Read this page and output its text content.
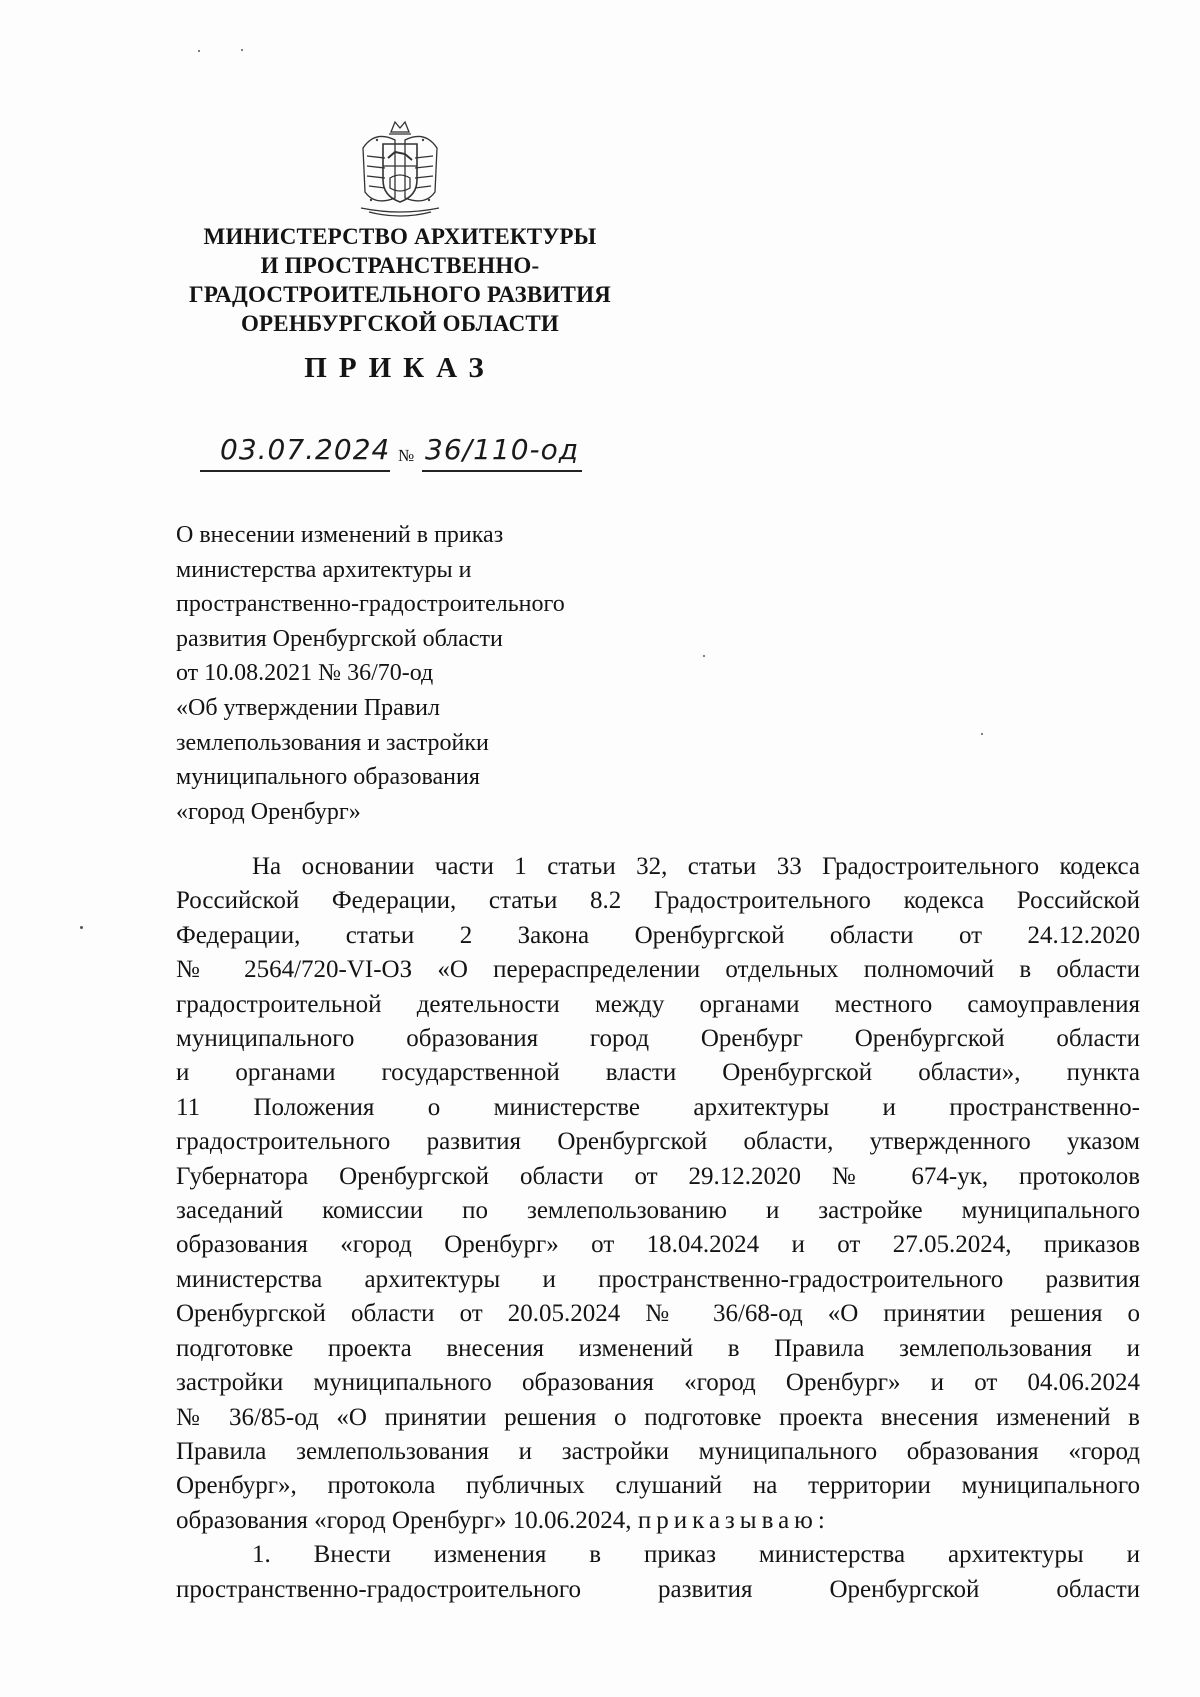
МИНИСТЕРСТВО АРХИТЕКТУРЫ
И ПРОСТРАНСТВЕННО-
ГРАДОСТРОИТЕЛЬНОГО РАЗВИТИЯ
ОРЕНБУРГСКОЙ ОБЛАСТИ
ПРИКАЗ
03.07.2024 № 36/110-од
О внесении изменений в приказ
министерства архитектуры и
пространственно-градостроительного
развития Оренбургской области
от 10.08.2021 № 36/70-од
«Об утверждении Правил
землепользования и застройки
муниципального образования
«город Оренбург»
На основании части 1 статьи 32, статьи 33 Градостроительного кодекса
Российской Федерации, статьи 8.2 Градостроительного кодекса Российской
Федерации, статьи 2 Закона Оренбургской области от 24.12.2020
№ 2564/720-VI-ОЗ «О перераспределении отдельных полномочий в области
градостроительной деятельности между органами местного самоуправления
муниципального образования город Оренбург Оренбургской области
и органами государственной власти Оренбургской области», пункта
11 Положения о министерстве архитектуры и пространственно-
градостроительного развития Оренбургской области, утвержденного указом
Губернатора Оренбургской области от 29.12.2020 № 674-ук, протоколов
заседаний комиссии по землепользованию и застройке муниципального
образования «город Оренбург» от 18.04.2024 и от 27.05.2024, приказов
министерства архитектуры и пространственно-градостроительного развития
Оренбургской области от 20.05.2024 № 36/68-од «О принятии решения о
подготовке проекта внесения изменений в Правила землепользования и
застройки муниципального образования «город Оренбург» и от 04.06.2024
№ 36/85-од «О принятии решения о подготовке проекта внесения изменений в
Правила землепользования и застройки муниципального образования «город
Оренбург», протокола публичных слушаний на территории муниципального
образования «город Оренбург» 10.06.2024, приказываю:
1. Внести изменения в приказ министерства архитектуры и
пространственно-градостроительного развития Оренбургской области
